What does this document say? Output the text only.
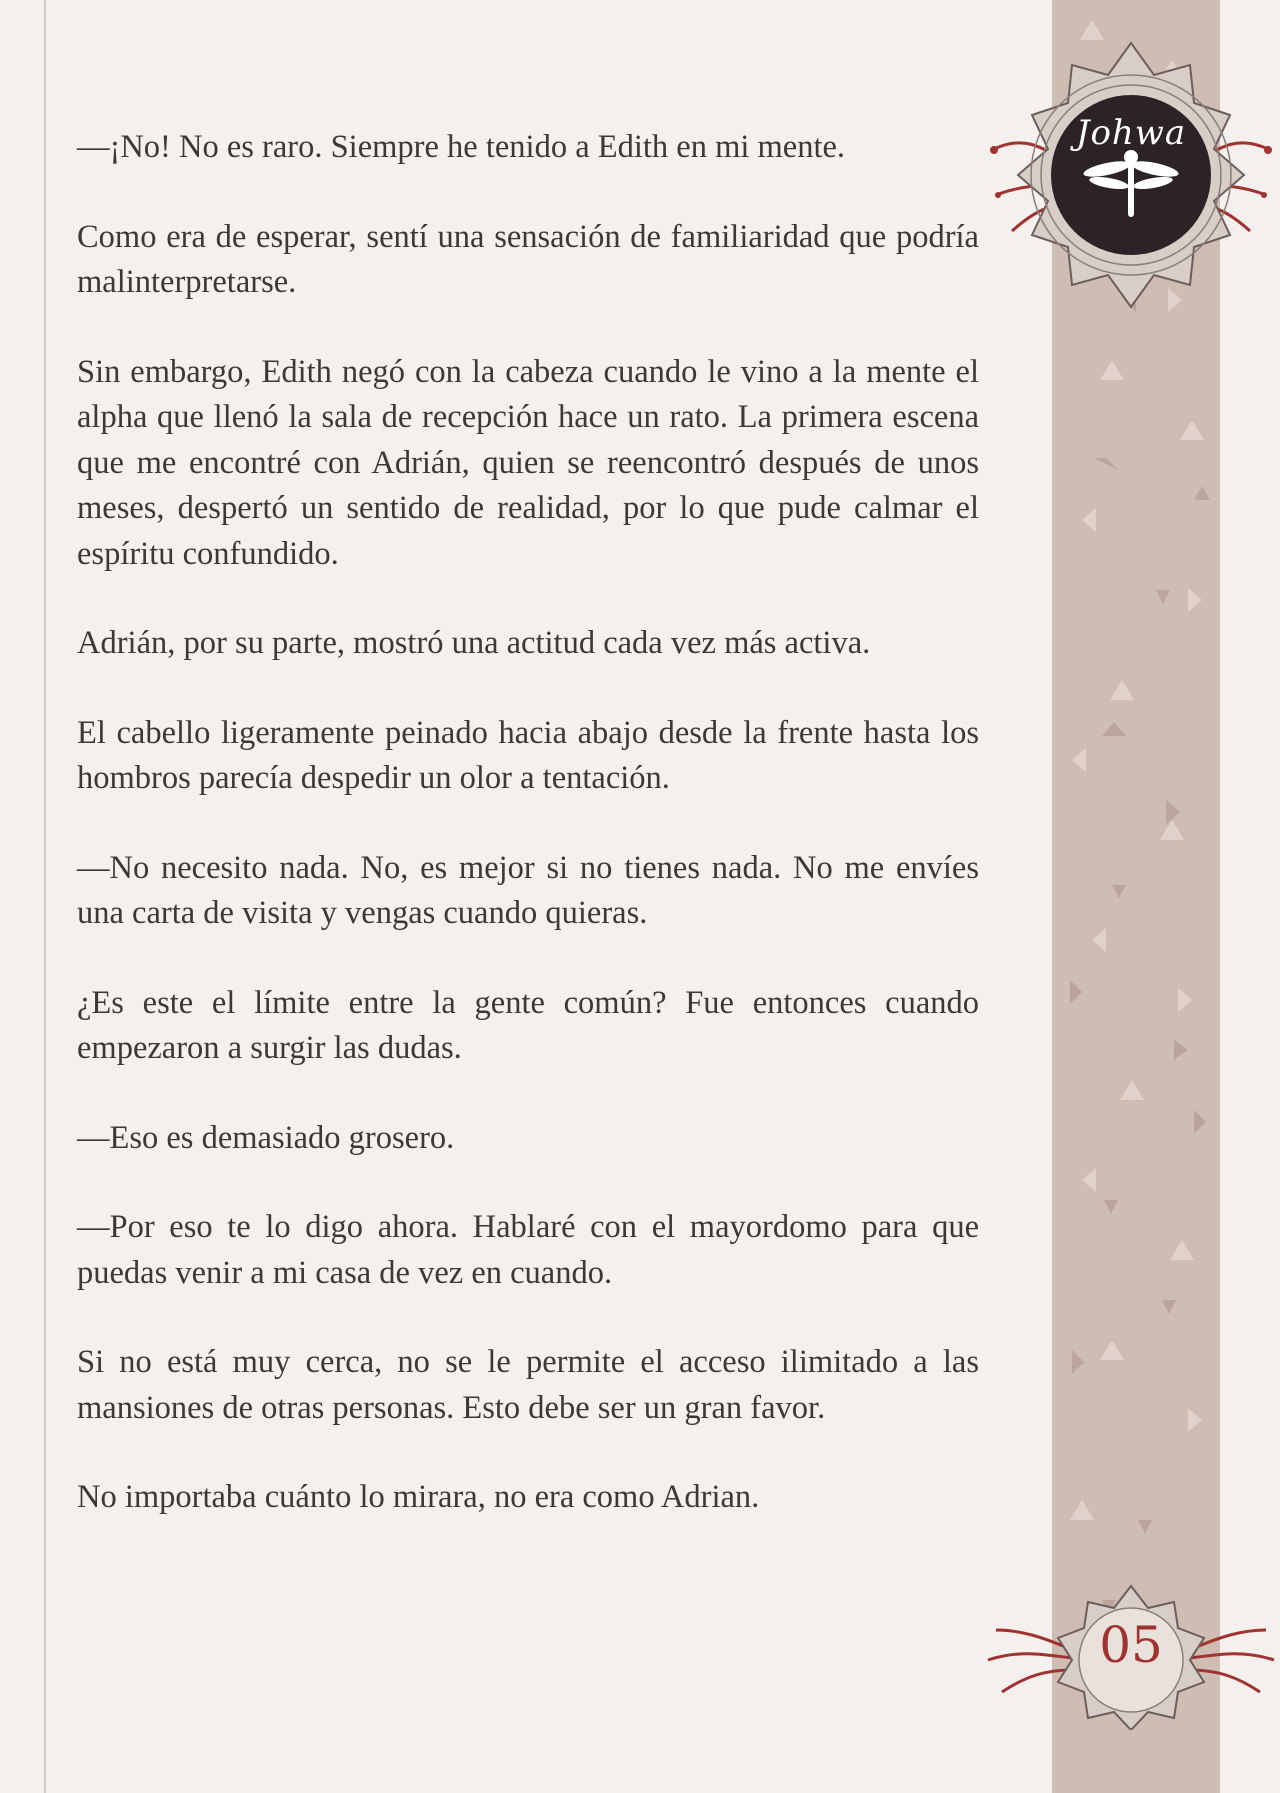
Johwa

—¡No! No es raro. Siempre he tenido a Edith en mi mente.

Como era de esperar, sentí una sensación de familiaridad que podría malinterpretarse.

Sin embargo, Edith negó con la cabeza cuando le vino a la mente el alpha que llenó la sala de recepción hace un rato. La primera escena que me encontré con Adrián, quien se reencontró después de unos meses, despertó un sentido de realidad, por lo que pude calmar el espíritu confundido.

Adrián, por su parte, mostró una actitud cada vez más activa.

El cabello ligeramente peinado hacia abajo desde la frente hasta los hombros parecía despedir un olor a tentación.

—No necesito nada. No, es mejor si no tienes nada. No me envíes una carta de visita y vengas cuando quieras.

¿Es este el límite entre la gente común? Fue entonces cuando empezaron a surgir las dudas.

—Eso es demasiado grosero.

—Por eso te lo digo ahora. Hablaré con el mayordomo para que puedas venir a mi casa de vez en cuando.

Si no está muy cerca, no se le permite el acceso ilimitado a las mansiones de otras personas. Esto debe ser un gran favor.

No importaba cuánto lo mirara, no era como Adrian.

05
